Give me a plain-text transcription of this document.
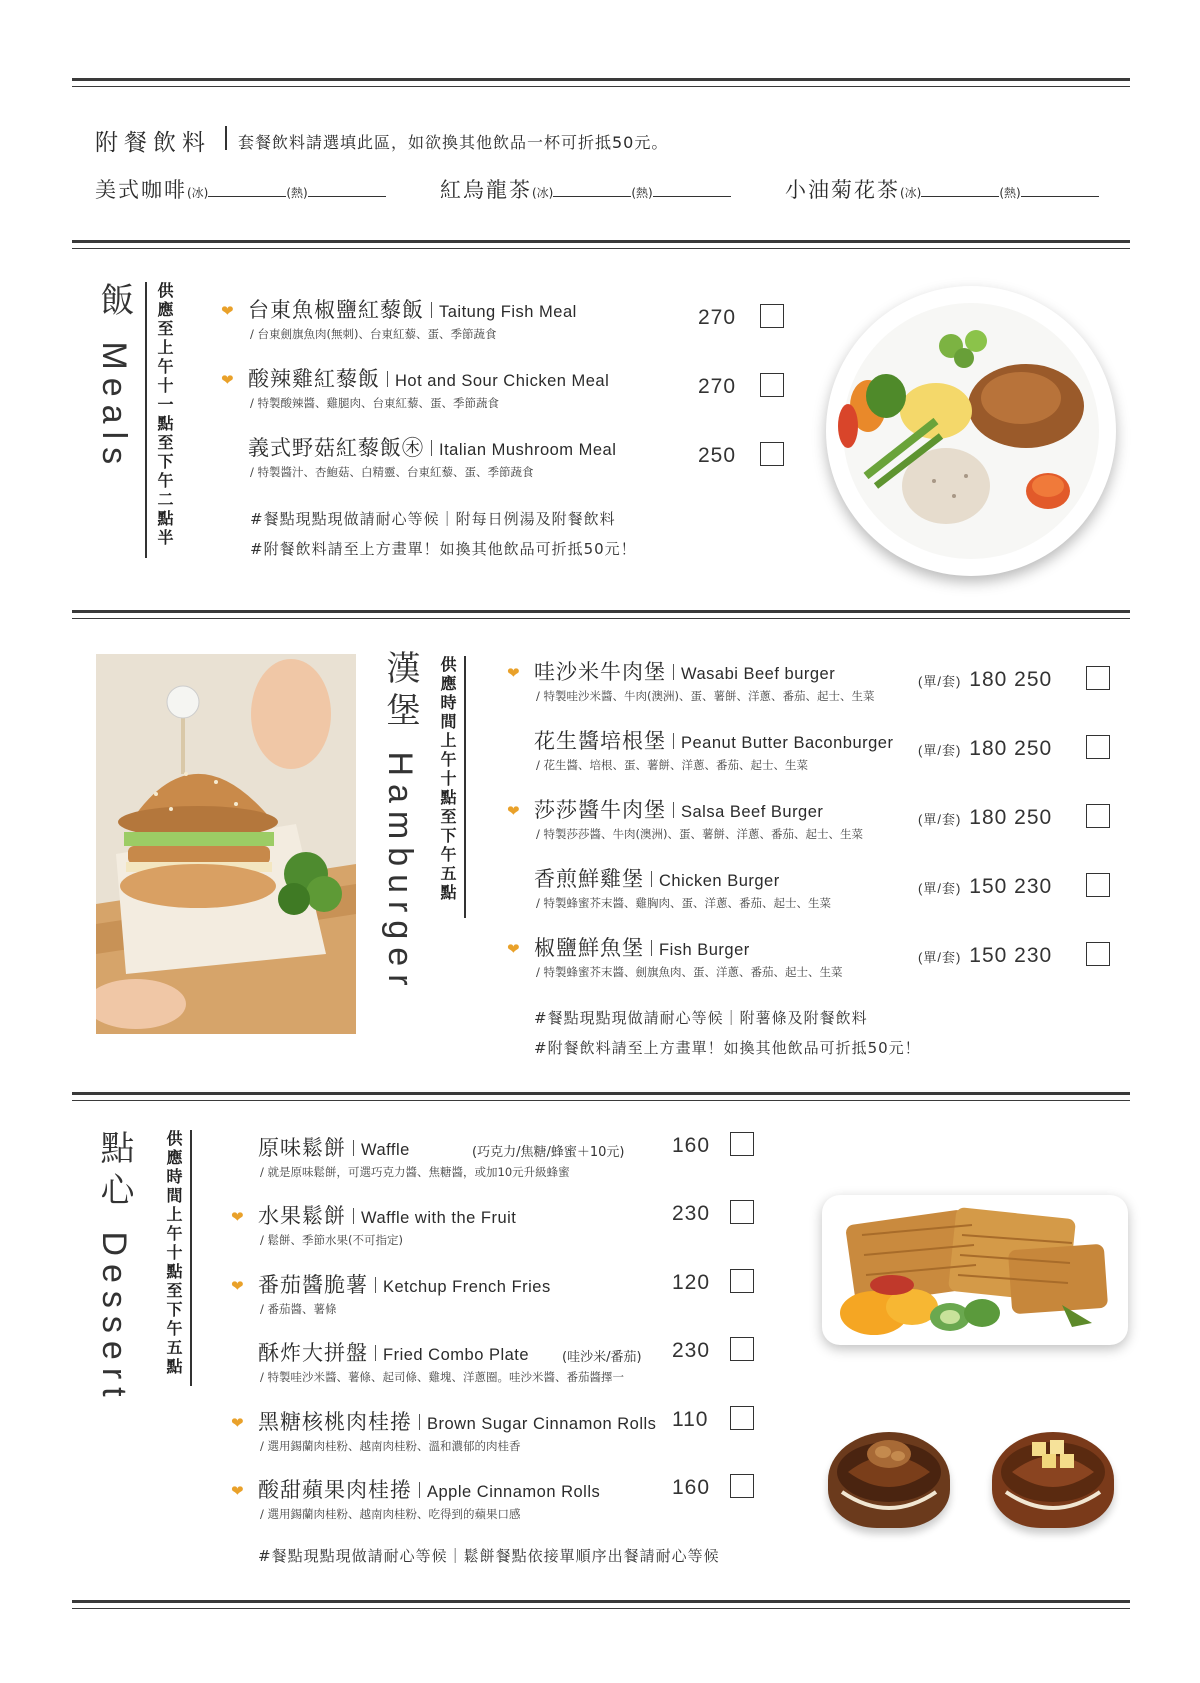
附餐飲料 套餐飲料請選填此區，如欲換其他飲品一杯可折抵50元。
美式咖啡(冰)	(熱)	紅烏龍茶(冰)	(熱)	小油菊花茶(冰)	(熱)
飯 Meals	供應至上午十一點至下午二點半	❤ 台東魚椒鹽紅藜飯 Taitung Fish Meal
/ 台東劍旗魚肉(無刺)、台東紅藜、蛋、季節蔬食
270
❤ 酸辣雞紅藜飯 Hot and Sour Chicken Meal
/ 特製酸辣醬、雞腿肉、台東紅藜、蛋、季節蔬食
270
義式野菇紅藜飯㊍ Italian Mushroom Meal
/ 特製醬汁、杏鮑菇、白精靈、台東紅藜、蛋、季節蔬食
250
#餐點現點現做請耐心等候｜附每日例湯及附餐飲料
#附餐飲料請至上方畫單！如換其他飲品可折抵50元！
漢堡 Hamburger	供應時間上午十點至下午五點	❤ 哇沙米牛肉堡 Wasabi Beef burger
/ 特製哇沙米醬、牛肉(澳洲)、蛋、薯餅、洋蔥、番茄、起士、生菜
(單/套) 180 250
花生醬培根堡 Peanut Butter Baconburger
/ 花生醬、培根、蛋、薯餅、洋蔥、番茄、起士、生菜
(單/套) 180 250
❤ 莎莎醬牛肉堡 Salsa Beef Burger
/ 特製莎莎醬、牛肉(澳洲)、蛋、薯餅、洋蔥、番茄、起士、生菜
(單/套) 180 250
香煎鮮雞堡 Chicken Burger
/ 特製蜂蜜芥末醬、雞胸肉、蛋、洋蔥、番茄、起士、生菜
(單/套) 150 230
❤ 椒鹽鮮魚堡 Fish Burger
/ 特製蜂蜜芥末醬、劍旗魚肉、蛋、洋蔥、番茄、起士、生菜
(單/套) 150 230
#餐點現點現做請耐心等候｜附薯條及附餐飲料
#附餐飲料請至上方畫單！如換其他飲品可折抵50元！
點心 Dessert	供應時間上午十點至下午五點	原味鬆餅 Waffle
/ 就是原味鬆餅，可選巧克力醬、焦糖醬，或加10元升級蜂蜜
(巧克力/焦糖/蜂蜜＋10元) 160
❤ 水果鬆餅 Waffle with the Fruit
/ 鬆餅、季節水果(不可指定)
230
❤ 番茄醬脆薯 Ketchup French Fries
/ 番茄醬、薯條
120
酥炸大拼盤 Fried Combo Plate
/ 特製哇沙米醬、薯條、起司條、雞塊、洋蔥圈。哇沙米醬、番茄醬擇一
(哇沙米/番茄) 230
❤ 黑糖核桃肉桂捲 Brown Sugar Cinnamon Rolls
/ 選用錫蘭肉桂粉、越南肉桂粉、溫和濃郁的肉桂香
110
❤ 酸甜蘋果肉桂捲 Apple Cinnamon Rolls
/ 選用錫蘭肉桂粉、越南肉桂粉、吃得到的蘋果口感
160
#餐點現點現做請耐心等候｜鬆餅餐點依接單順序出餐請耐心等候
